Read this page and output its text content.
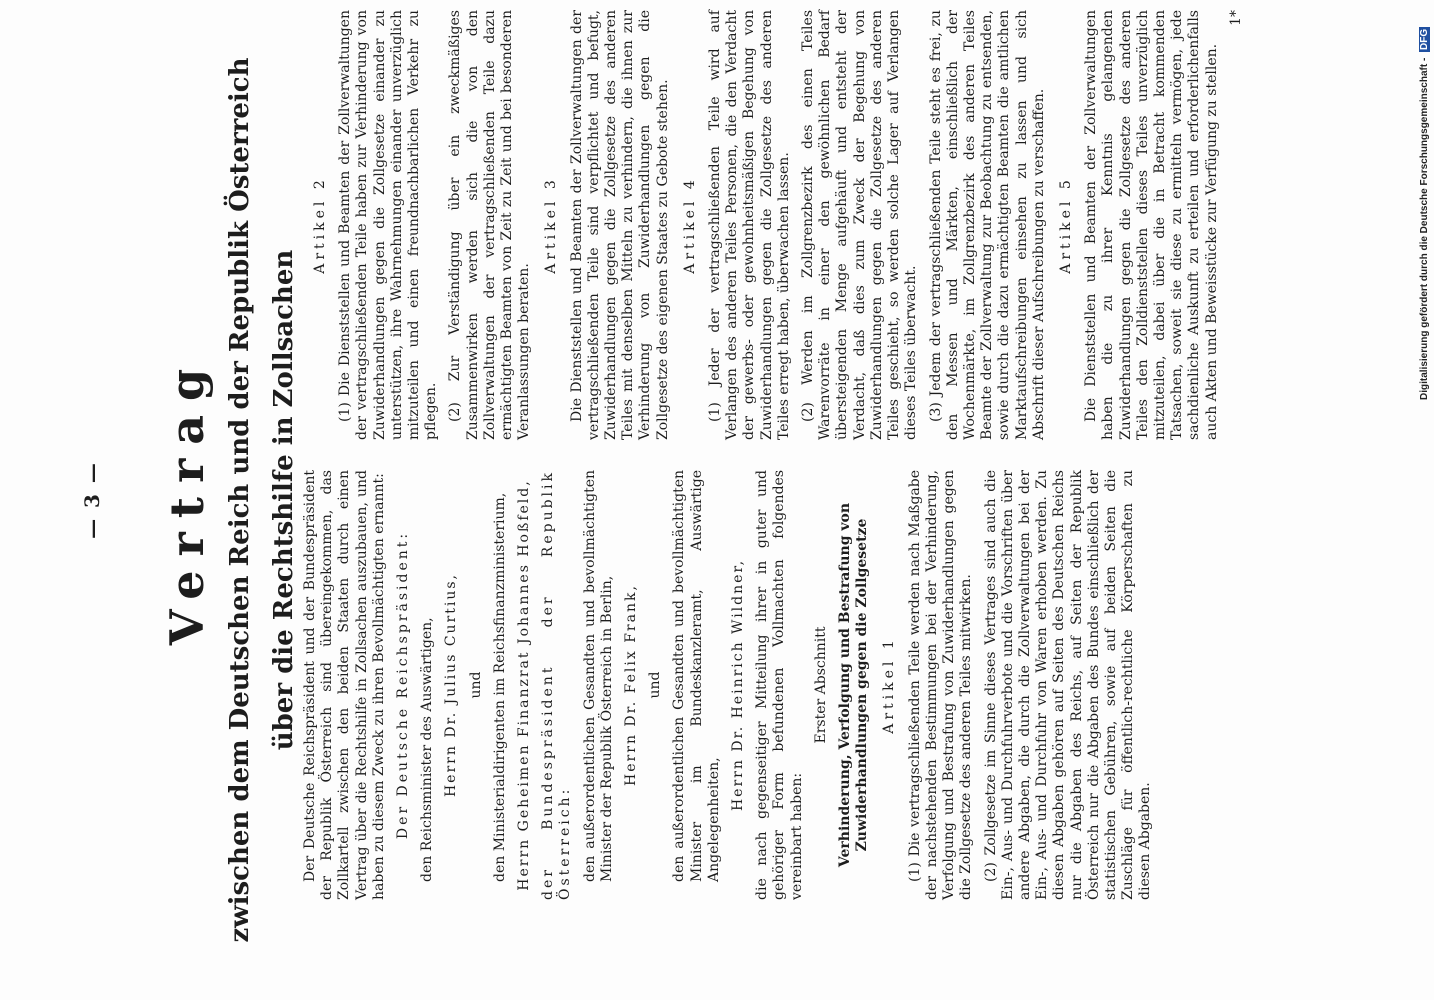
— 3 — Vertrag zwischen dem Deutschen Reich und der Republik Österreich über die Rechtshilfe in Zollsachen Der Deutsche Reichspräsident und der Bundespräsident der Republik Österreich sind übereingekommen, das Zollkartell zwischen den beiden Staaten durch einen Vertrag über die Rechtshilfe in Zollsachen auszubauen, und haben zu diesem Zweck zu ihren Bevollmächtigten ernannt: Der Deutsche Reichspräsident: den Reichsminister des Auswärtigen, Herrn Dr. Julius Curtius, und den Ministerialdirigenten im Reichsfinanzministerium, Herrn Geheimen Finanzrat Johannes Hoßfeld, der Bundespräsident der Republik Österreich: den außerordentlichen Gesandten und bevollmächtigten Minister der Republik Österreich in Berlin, Herrn Dr. Felix Frank, und den außerordentlichen Gesandten und bevollmächtigten Minister im Bundeskanzleramt, Auswärtige Angelegenheiten,

Herrn Dr. Heinrich Wildner, die nach gegenseitiger Mitteilung ihrer in guter und gehöriger Form befundenen Vollmachten folgendes vereinbart haben:

Erster Abschnitt Verhinderung, Verfolgung und Bestrafung von Zuwiderhandlungen gegen die Zollgesetze Artikel 1 (1) Die vertragschließenden Teile werden nach Maßgabe der nachstehenden Bestimmungen bei der Verhinderung, Verfolgung und Bestrafung von Zuwiderhandlungen gegen die Zollgesetze des anderen Teiles mitwirken. (2) Zollgesetze im Sinne dieses Vertrages sind auch die Ein-, Aus- und Durchfuhrverbote und die Vorschriften über andere Abgaben, die durch die Zollverwaltungen bei der Ein-, Aus- und Durchfuhr von Waren erhoben werden. Zu diesen Abgaben gehören auf Seiten des Deutschen Reichs nur die Abgaben des Reichs, auf Seiten der Republik Österreich nur die Abgaben des Bundes einschließlich der statistischen Gebühren, sowie auf beiden Seiten die Zuschläge für öffentlich-rechtliche Körperschaften zu diesen Abgaben.

Artikel 2 (1) Die Dienststellen und Beamten der Zollverwaltungen der vertragschließenden Teile haben zur Verhinderung von Zuwiderhandlungen gegen die Zollgesetze einander zu unterstützen, ihre Wahrnehmungen einander unverzüglich mitzuteilen und einen freundnachbarlichen Verkehr zu pflegen. (2) Zur Verständigung über ein zweckmäßiges Zusammenwirken werden sich die von den Zollverwaltungen der vertragschließenden Teile dazu ermächtigten Beamten von Zeit zu Zeit und bei besonderen Veranlassungen beraten.

Artikel 3 Die Dienststellen und Beamten der Zollverwaltungen der vertragschließenden Teile sind verpflichtet und befugt, Zuwiderhandlungen gegen die Zollgesetze des anderen Teiles mit denselben Mitteln zu verhindern, die ihnen zur Verhinderung von Zuwiderhandlungen gegen die Zollgesetze des eigenen Staates zu Gebote stehen. Artikel 4 (1) Jeder der vertragschließenden Teile wird auf Verlangen des anderen Teiles Personen, die den Verdacht der gewerbs- oder gewohnheitsmäßigen Begehung von Zuwiderhandlungen gegen die Zollgesetze des anderen Teiles erregt haben, überwachen lassen. (2) Werden im Zollgrenzbezirk des einen Teiles Warenvorräte in einer den gewöhnlichen Bedarf übersteigenden Menge aufgehäuft und entsteht der Verdacht, daß dies zum Zweck der Begehung von Zuwiderhandlungen gegen die Zollgesetze des anderen Teiles geschieht, so werden solche Lager auf Verlangen dieses Teiles überwacht. (3) Jedem der vertragschließenden Teile steht es frei, zu den Messen und Märkten, einschließlich der Wochenmärkte, im Zollgrenzbezirk des anderen Teiles Beamte der Zollverwaltung zur Beobachtung zu entsenden, sowie durch die dazu ermächtigten Beamten die amtlichen Marktaufschreibungen einsehen zu lassen und sich Abschrift dieser Aufschreibungen zu verschaffen. Artikel 5 Die Dienststellen und Beamten der Zollverwaltungen haben die zu ihrer Kenntnis gelangenden Zuwiderhandlungen gegen die Zollgesetze des anderen Teiles den Zolldienststellen dieses Teiles unverzüglich mitzuteilen, dabei über die in Betracht kommenden Tatsachen, soweit sie diese zu ermitteln vermögen, jede sachdienliche Auskunft zu erteilen und erforderlichenfalls auch Akten und Beweisstücke zur Verfügung zu stellen.

1*

Digitalisierung gefördert durch die Deutsche Forschungsgemeinschaft - DFG
